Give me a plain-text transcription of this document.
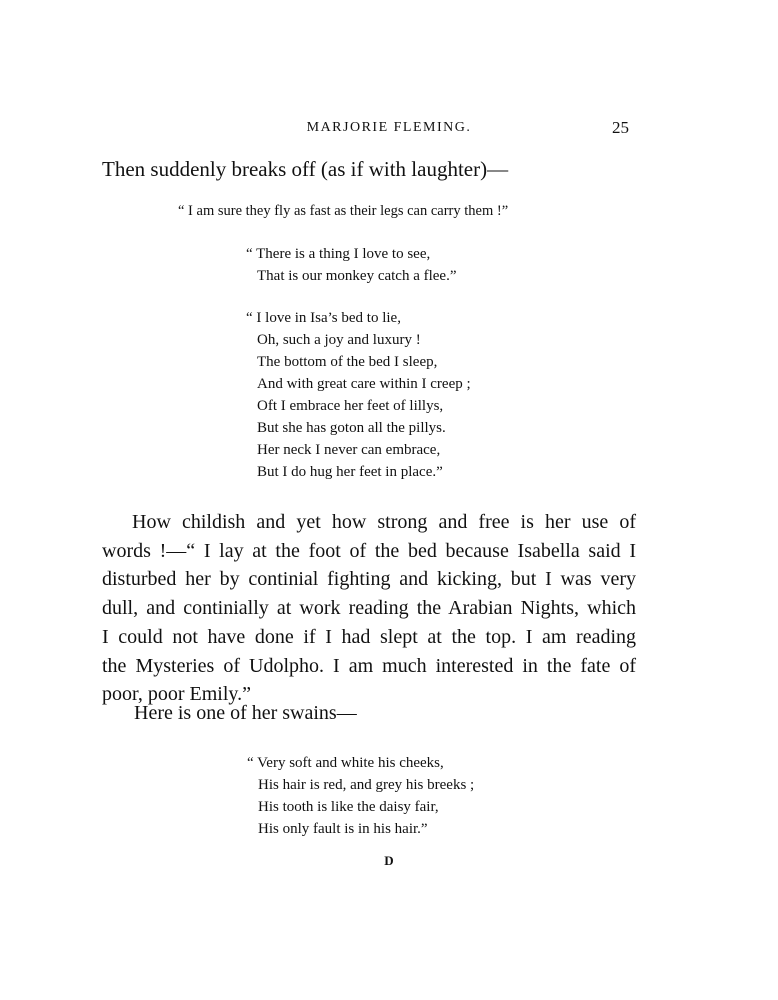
MARJORIE FLEMING.	25
Then suddenly breaks off (as if with laughter)—
“ I am sure they fly as fast as their legs can carry them !”
“ There is a thing I love to see,
That is our monkey catch a flee.”
“ I love in Isa’s bed to lie,
Oh, such a joy and luxury !
The bottom of the bed I sleep,
And with great care within I creep ;
Oft I embrace her feet of lillys,
But she has goton all the pillys.
Her neck I never can embrace,
But I do hug her feet in place.”
How childish and yet how strong and free is her use of
words !—“ I lay at the foot of the bed because Isabella said I
disturbed her by continial fighting and kicking, but I was very
dull, and continially at work reading the Arabian Nights, which
I could not have done if I had slept at the top. I am reading
the Mysteries of Udolpho. I am much interested in the fate of
poor, poor Emily.”
Here is one of her swains—
“ Very soft and white his cheeks,
His hair is red, and grey his breeks ;
His tooth is like the daisy fair,
His only fault is in his hair.”
D
